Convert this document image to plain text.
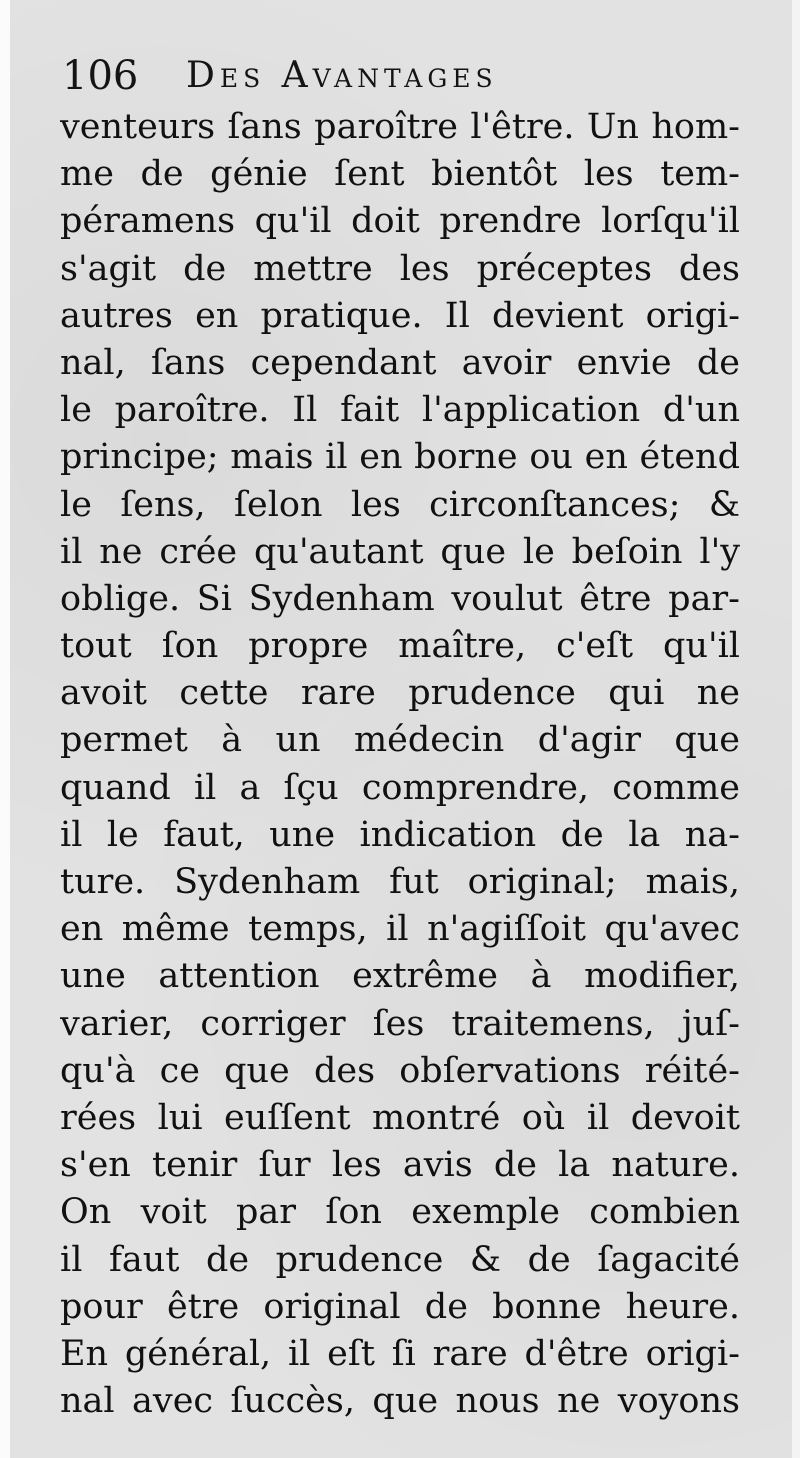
106 Des Avantages
venteurs ſans paroître l'être. Un hom-
me de génie ſent bientôt les tem-
péramens qu'il doit prendre lorſqu'il
s'agit de mettre les préceptes des
autres en pratique. Il devient origi-
nal, ſans cependant avoir envie de
le paroître. Il fait l'application d'un
principe; mais il en borne ou en étend
le ſens, ſelon les circonſtances; &
il ne crée qu'autant que le beſoin l'y
oblige. Si Sydenham voulut être par-
tout ſon propre maître, c'eſt qu'il
avoit cette rare prudence qui ne
permet à un médecin d'agir que
quand il a ſçu comprendre, comme
il le faut, une indication de la na-
ture. Sydenham fut original; mais,
en même temps, il n'agiſſoit qu'avec
une attention extrême à modifier,
varier, corriger ſes traitemens, juſ-
qu'à ce que des obſervations réité-
rées lui euſſent montré où il devoit
s'en tenir ſur les avis de la nature.
On voit par ſon exemple combien
il faut de prudence & de ſagacité
pour être original de bonne heure.
En général, il eſt ſi rare d'être origi-
nal avec ſuccès, que nous ne voyons
